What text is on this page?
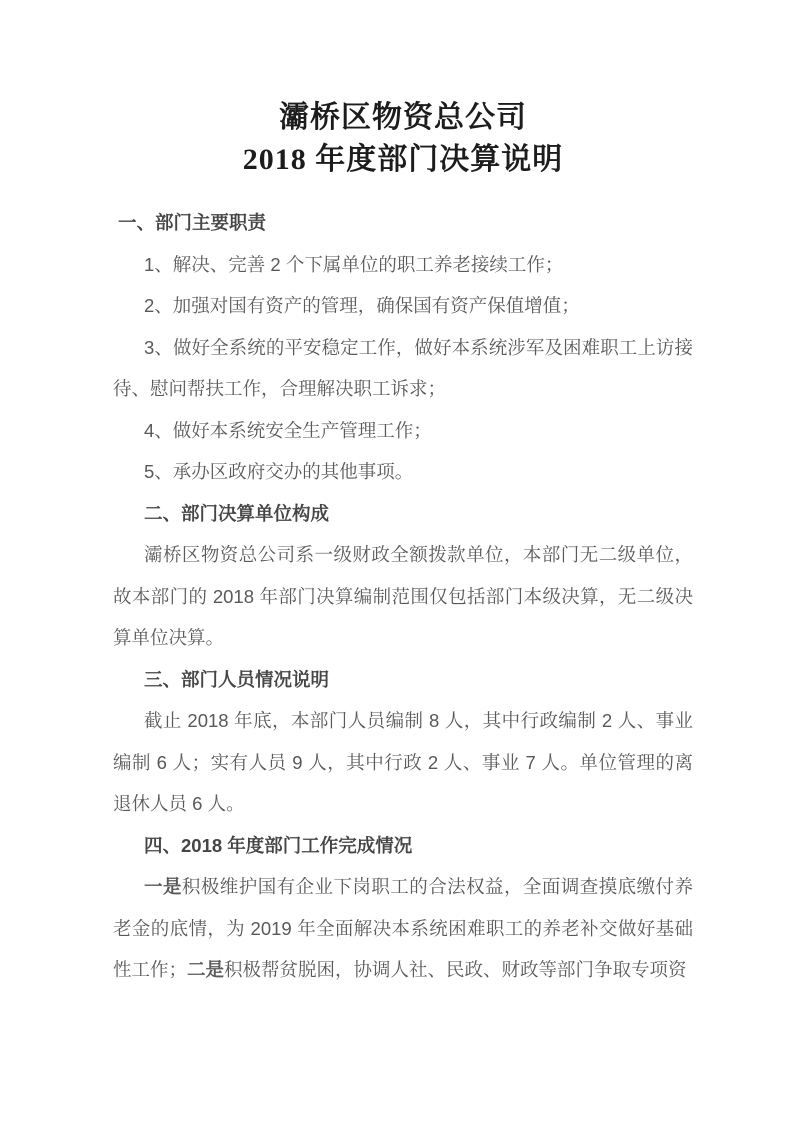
灞桥区物资总公司
2018 年度部门决算说明

一、部门主要职责

1、解决、完善 2 个下属单位的职工养老接续工作；

2、加强对国有资产的管理，确保国有资产保值增值；

3、做好全系统的平安稳定工作，做好本系统涉军及困难职工上访接待、慰问帮扶工作，合理解决职工诉求；

4、做好本系统安全生产管理工作；

5、承办区政府交办的其他事项。

二、部门决算单位构成

灞桥区物资总公司系一级财政全额拨款单位，本部门无二级单位，故本部门的 2018 年部门决算编制范围仅包括部门本级决算，无二级决算单位决算。

三、部门人员情况说明

截止 2018 年底，本部门人员编制 8 人，其中行政编制 2 人、事业编制 6 人；实有人员 9 人，其中行政 2 人、事业 7 人。单位管理的离退休人员 6 人。

四、2018 年度部门工作完成情况

一是积极维护国有企业下岗职工的合法权益，全面调查摸底缴付养老金的底情，为 2019 年全面解决本系统困难职工的养老补交做好基础性工作；二是积极帮贫脱困，协调人社、民政、财政等部门争取专项资
